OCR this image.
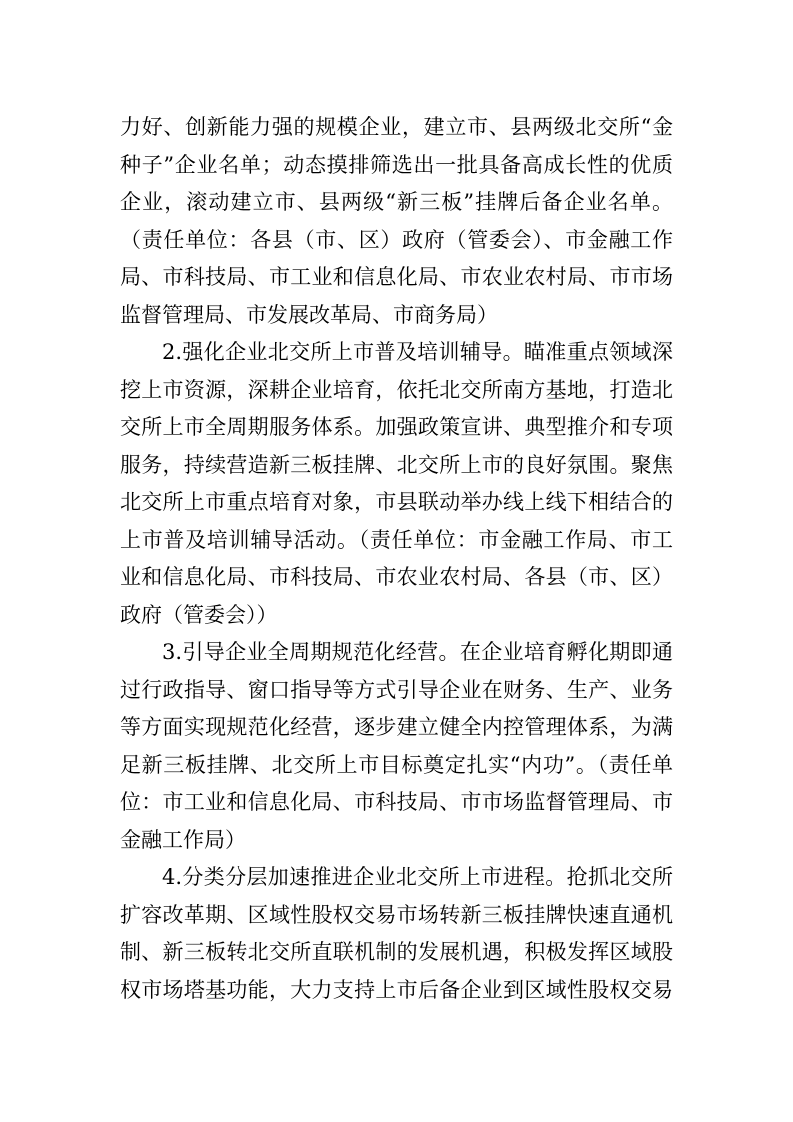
力好、创新能力强的规模企业，建立市、县两级北交所“金
种子”企业名单；动态摸排筛选出一批具备高成长性的优质
企业，滚动建立市、县两级“新三板”挂牌后备企业名单。
（责任单位：各县（市、区）政府（管委会）、市金融工作
局、市科技局、市工业和信息化局、市农业农村局、市市场
监督管理局、市发展改革局、市商务局）
2.强化企业北交所上市普及培训辅导。瞄准重点领域深
挖上市资源，深耕企业培育，依托北交所南方基地，打造北
交所上市全周期服务体系。加强政策宣讲、典型推介和专项
服务，持续营造新三板挂牌、北交所上市的良好氛围。聚焦
北交所上市重点培育对象，市县联动举办线上线下相结合的
上市普及培训辅导活动。（责任单位：市金融工作局、市工
业和信息化局、市科技局、市农业农村局、各县（市、区）
政府（管委会））
3.引导企业全周期规范化经营。在企业培育孵化期即通
过行政指导、窗口指导等方式引导企业在财务、生产、业务
等方面实现规范化经营，逐步建立健全内控管理体系，为满
足新三板挂牌、北交所上市目标奠定扎实“内功”。（责任单
位：市工业和信息化局、市科技局、市市场监督管理局、市
金融工作局）
4.分类分层加速推进企业北交所上市进程。抢抓北交所
扩容改革期、区域性股权交易市场转新三板挂牌快速直通机
制、新三板转北交所直联机制的发展机遇，积极发挥区域股
权市场塔基功能，大力支持上市后备企业到区域性股权交易
